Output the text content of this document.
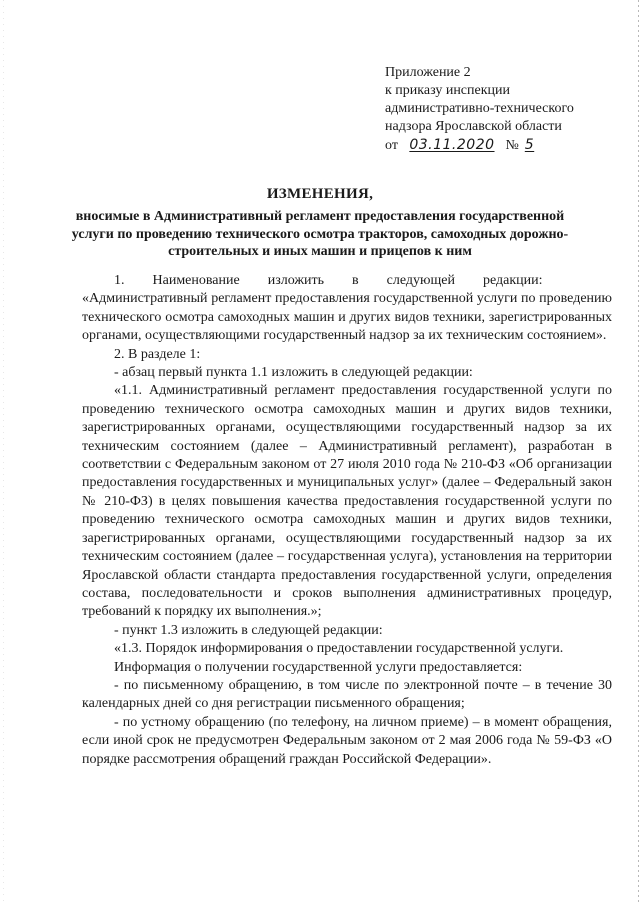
Приложение 2
к приказу инспекции
административно-технического
надзора Ярославской области
от 03.11.2020 № 5
ИЗМЕНЕНИЯ,
вносимые в Административный регламент предоставления государственной услуги по проведению технического осмотра тракторов, самоходных дорожно-строительных и иных машин и прицепов к ним

1.        Наименование        изложить        в        следующей        редакции:

«Административный регламент предоставления государственной услуги по проведению технического осмотра самоходных машин и других видов техники, зарегистрированных органами, осуществляющими государственный надзор за их техническим состоянием».

2. В разделе 1:

- абзац первый пункта 1.1 изложить в следующей редакции:

«1.1. Административный регламент предоставления государственной услуги по проведению технического осмотра самоходных машин и других видов техники, зарегистрированных органами, осуществляющими государственный надзор за их техническим состоянием (далее – Административный регламент), разработан в соответствии с Федеральным законом от 27 июля 2010 года № 210-ФЗ «Об организации предоставления государственных и муниципальных услуг» (далее – Федеральный закон № 210-ФЗ) в целях повышения качества предоставления государственной услуги по проведению технического осмотра самоходных машин и других видов техники, зарегистрированных органами, осуществляющими государственный надзор за их техническим состоянием (далее – государственная услуга), установления на территории Ярославской области стандарта предоставления государственной услуги, определения состава, последовательности и сроков выполнения административных процедур, требований к порядку их выполнения.»;

- пункт 1.3 изложить в следующей редакции:

«1.3. Порядок информирования о предоставлении государственной услуги.

Информация о получении государственной услуги предоставляется:

- по письменному обращению, в том числе по электронной почте – в течение 30 календарных дней со дня регистрации письменного обращения;

- по устному обращению (по телефону, на личном приеме) – в момент обращения, если иной срок не предусмотрен Федеральным законом от 2 мая 2006 года № 59-ФЗ «О порядке рассмотрения обращений граждан Российской Федерации».
